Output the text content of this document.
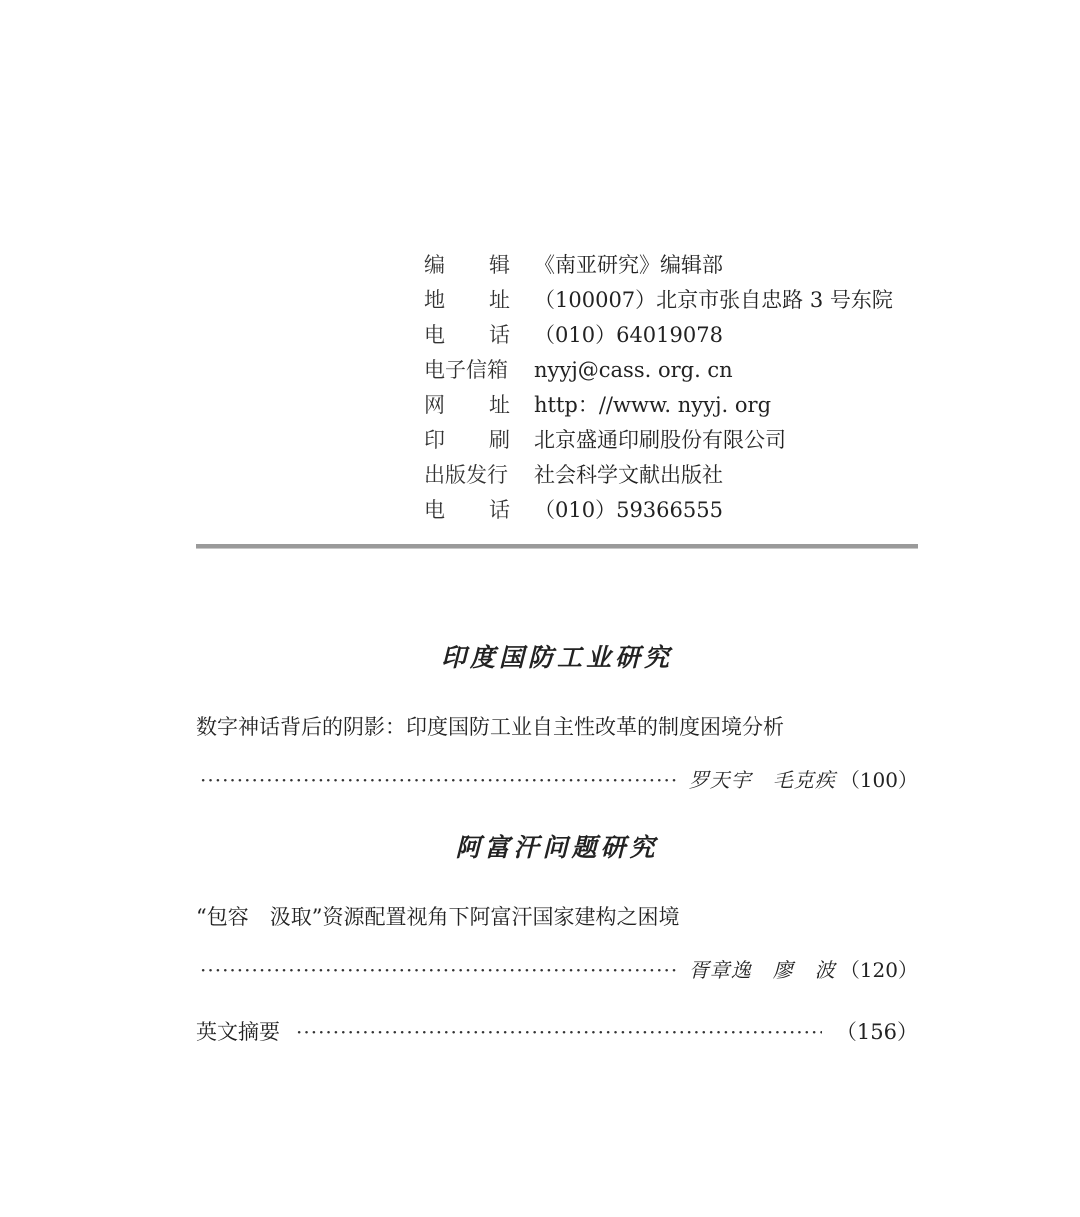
编 辑 《南亚研究》编辑部
地 址 （100007）北京市张自忠路 3 号东院
电 话 （010）64019078
电子信箱 nyyj@cass. org. cn
网 址 http：//www. nyyj. org
印 刷 北京盛通印刷股份有限公司
出版发行 社会科学文献出版社
电 话 （010）59366555
印度国防工业研究
数字神话背后的阴影：印度国防工业自主性改革的制度困境分析
·····
罗天宇　毛克疾 （100）
阿富汗问题研究
“包容　汲取”资源配置视角下阿富汗国家建构之困境
·····
胥章逸　廖　波 （120）
英文摘要
·····	（156）
